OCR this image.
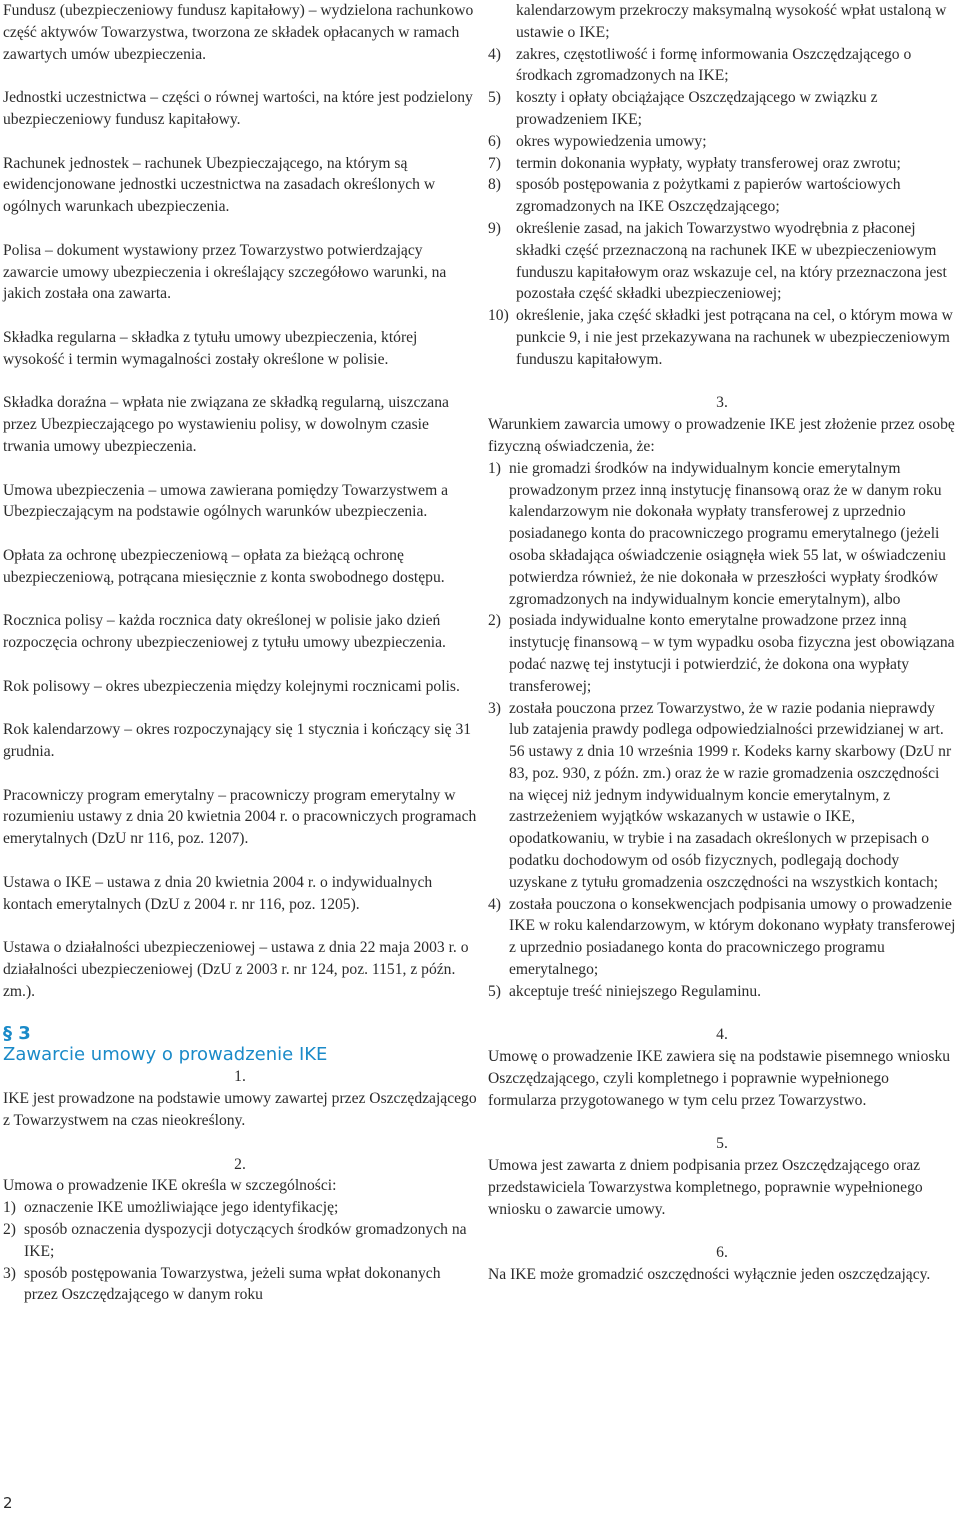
Fundusz (ubezpieczeniowy fundusz kapitałowy) – wydzielona rachunkowo część aktywów Towarzystwa, tworzona ze składek opłacanych w ramach zawartych umów ubezpieczenia.

Jednostki uczestnictwa – części o równej wartości, na które jest podzielony ubezpieczeniowy fundusz kapitałowy.

Rachunek jednostek – rachunek Ubezpieczającego, na którym są ewidencjonowane jednostki uczestnictwa na zasadach określonych w ogólnych warunkach ubezpieczenia.

Polisa – dokument wystawiony przez Towarzystwo potwierdzający zawarcie umowy ubezpieczenia i określający szczegółowo warunki, na jakich została ona zawarta.

Składka regularna – składka z tytułu umowy ubezpieczenia, której wysokość i termin wymagalności zostały określone w polisie.

Składka doraźna – wpłata nie związana ze składką regularną, uiszczana przez Ubezpieczającego po wystawieniu polisy, w dowolnym czasie trwania umowy ubezpieczenia.

Umowa ubezpieczenia – umowa zawierana pomiędzy Towarzystwem a Ubezpieczającym na podstawie ogólnych warunków ubezpieczenia.

Opłata za ochronę ubezpieczeniową – opłata za bieżącą ochronę ubezpieczeniową, potrącana miesięcznie z konta swobodnego dostępu.

Rocznica polisy – każda rocznica daty określonej w polisie jako dzień rozpoczęcia ochrony ubezpieczeniowej z tytułu umowy ubezpieczenia.

Rok polisowy – okres ubezpieczenia między kolejnymi rocznicami polis.

Rok kalendarzowy – okres rozpoczynający się 1 stycznia i kończący się 31 grudnia.

Pracowniczy program emerytalny – pracowniczy program emerytalny w rozumieniu ustawy z dnia 20 kwietnia 2004 r. o pracowniczych programach emerytalnych (DzU nr 116, poz. 1207).

Ustawa o IKE – ustawa z dnia 20 kwietnia 2004 r. o indywidualnych kontach emerytalnych (DzU z 2004 r. nr 116, poz. 1205).

Ustawa o działalności ubezpieczeniowej – ustawa z dnia 22 maja 2003 r. o działalności ubezpieczeniowej (DzU z 2003 r. nr 124, poz. 1151, z późn. zm.).

§ 3
Zawarcie umowy o prowadzenie IKE

1.

IKE jest prowadzone na podstawie umowy zawartej przez Oszczędzającego z Towarzystwem na czas nieokreślony.

2.

Umowa o prowadzenie IKE określa w szczególności:

1) oznaczenie IKE umożliwiające jego identyfikację;
2) sposób oznaczenia dyspozycji dotyczących środków gromadzonych na IKE;
3) sposób postępowania Towarzystwa, jeżeli suma wpłat dokonanych przez Oszczędzającego w danym roku

kalendarzowym przekroczy maksymalną wysokość wpłat ustaloną w ustawie o IKE;

4) zakres, częstotliwość i formę informowania Oszczędzającego o środkach zgromadzonych na IKE;
5) koszty i opłaty obciążające Oszczędzającego w związku z prowadzeniem IKE;
6) okres wypowiedzenia umowy;
7) termin dokonania wypłaty, wypłaty transferowej oraz zwrotu;
8) sposób postępowania z pożytkami z papierów wartościowych zgromadzonych na IKE Oszczędzającego;
9) określenie zasad, na jakich Towarzystwo wyodrębnia z płaconej składki część przeznaczoną na rachunek IKE w ubezpieczeniowym funduszu kapitałowym oraz wskazuje cel, na który przeznaczona jest pozostała część składki ubezpieczeniowej;
10) określenie, jaka część składki jest potrącana na cel, o którym mowa w punkcie 9, i nie jest przekazywana na rachunek w ubezpieczeniowym funduszu kapitałowym.

3.

Warunkiem zawarcia umowy o prowadzenie IKE jest złożenie przez osobę fizyczną oświadczenia, że:

1) nie gromadzi środków na indywidualnym koncie emerytalnym prowadzonym przez inną instytucję finansową oraz że w danym roku kalendarzowym nie dokonała wypłaty transferowej z uprzednio posiadanego konta do pracowniczego programu emerytalnego (jeżeli osoba składająca oświadczenie osiągnęła wiek 55 lat, w oświadczeniu potwierdza również, że nie dokonała w przeszłości wypłaty środków zgromadzonych na indywidualnym koncie emerytalnym), albo
2) posiada indywidualne konto emerytalne prowadzone przez inną instytucję finansową – w tym wypadku osoba fizyczna jest obowiązana podać nazwę tej instytucji i potwierdzić, że dokona ona wypłaty transferowej;
3) została pouczona przez Towarzystwo, że w razie podania nieprawdy lub zatajenia prawdy podlega odpowiedzialności przewidzianej w art. 56 ustawy z dnia 10 września 1999 r. Kodeks karny skarbowy (DzU nr 83, poz. 930, z późn. zm.) oraz że w razie gromadzenia oszczędności na więcej niż jednym indywidualnym koncie emerytalnym, z zastrzeżeniem wyjątków wskazanych w ustawie o IKE, opodatkowaniu, w trybie i na zasadach określonych w przepisach o podatku dochodowym od osób fizycznych, podlegają dochody uzyskane z tytułu gromadzenia oszczędności na wszystkich kontach;
4) została pouczona o konsekwencjach podpisania umowy o prowadzenie IKE w roku kalendarzowym, w którym dokonano wypłaty transferowej z uprzednio posiadanego konta do pracowniczego programu emerytalnego;
5) akceptuje treść niniejszego Regulaminu.

4.

Umowę o prowadzenie IKE zawiera się na podstawie pisemnego wniosku Oszczędzającego, czyli kompletnego i poprawnie wypełnionego formularza przygotowanego w tym celu przez Towarzystwo.

5.

Umowa jest zawarta z dniem podpisania przez Oszczędzającego oraz przedstawiciela Towarzystwa kompletnego, poprawnie wypełnionego wniosku o zawarcie umowy.

6.

Na IKE może gromadzić oszczędności wyłącznie jeden oszczędzający.

2
